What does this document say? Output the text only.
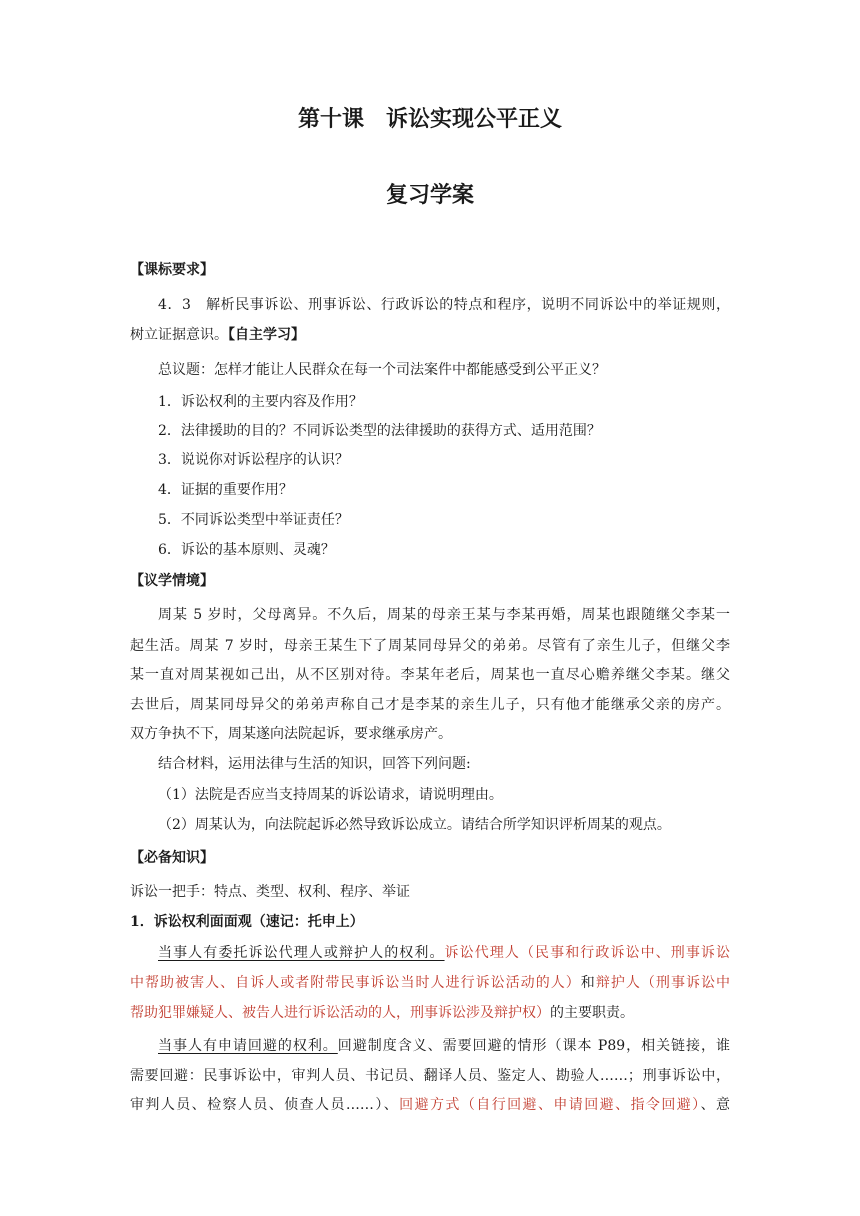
第十课　诉讼实现公平正义
复习学案
【课标要求】
4．3　解析民事诉讼、刑事诉讼、行政诉讼的特点和程序，说明不同诉讼中的举证规则，
树立证据意识。【自主学习】
总议题：怎样才能让人民群众在每一个司法案件中都能感受到公平正义？
1．诉讼权利的主要内容及作用？
2．法律援助的目的？不同诉讼类型的法律援助的获得方式、适用范围？
3．说说你对诉讼程序的认识？
4．证据的重要作用？
5．不同诉讼类型中举证责任？
6．诉讼的基本原则、灵魂？
【议学情境】
周某 5 岁时，父母离异。不久后，周某的母亲王某与李某再婚，周某也跟随继父李某一
起生活。周某 7 岁时，母亲王某生下了周某同母异父的弟弟。尽管有了亲生儿子，但继父李
某一直对周某视如己出，从不区别对待。李某年老后，周某也一直尽心赡养继父李某。继父
去世后，周某同母异父的弟弟声称自己才是李某的亲生儿子，只有他才能继承父亲的房产。
双方争执不下，周某遂向法院起诉，要求继承房产。
结合材料，运用法律与生活的知识，回答下列问题:
（1）法院是否应当支持周某的诉讼请求，请说明理由。
（2）周某认为，向法院起诉必然导致诉讼成立。请结合所学知识评析周某的观点。
【必备知识】
诉讼一把手：特点、类型、权利、程序、举证
1．诉讼权利面面观（速记：托申上）
当事人有委托诉讼代理人或辩护人的权利。诉讼代理人（民事和行政诉讼中、刑事诉讼
中帮助被害人、自诉人或者附带民事诉讼当时人进行诉讼活动的人）和辩护人（刑事诉讼中
帮助犯罪嫌疑人、被告人进行诉讼活动的人，刑事诉讼涉及辩护权）的主要职责。
当事人有申请回避的权利。回避制度含义、需要回避的情形（课本 P89，相关链接，谁
需要回避：民事诉讼中，审判人员、书记员、翻译人员、鉴定人、勘验人……；刑事诉讼中，
审判人员、检察人员、侦查人员……）、回避方式（自行回避、申请回避、指令回避）、意
